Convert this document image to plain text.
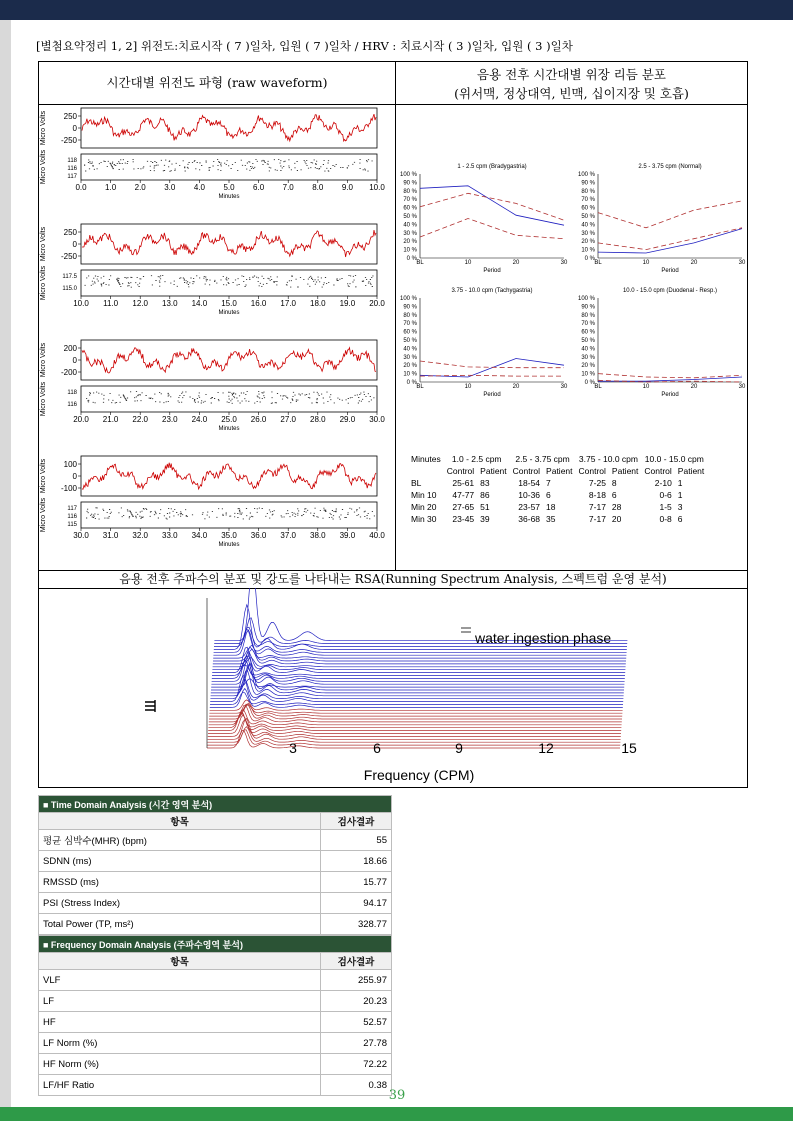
[별첨요약정리 1, 2] 위전도:치료시작 ( 7 )일차, 입원 ( 7 )일차 / HRV : 치료시작 ( 3 )일차, 입원 ( 3 )일차
시간대별 위전도 파형 (raw waveform)
음용 전후 시간대별 위장 리듬 분포
(위서맥, 정상대역, 빈맥, 십이지장 및 호흡)
음용 전후 주파수의 분포 및 강도를 나타내는 RSA(Running Spectrum Analysis, 스펙트럼 운영 분석)
Micro Volts 250
0
-250
Micro Volts	118
116
117
0.0 1.0 2.0 3.0 4.0 5.0 6.0 7.0 8.0 9.0 10.0
Minutes
Micro Volts 250
0
-250
Micro Volts	117.5
115.0
10.0 11.0 12.0 13.0 14.0 15.0 16.0 17.0 18.0 19.0 20.0
Minutes
Micro Volts 200
0
-200
Micro Volts	118
116
20.0 21.0 22.0 23.0 24.0 25.0 26.0 27.0 28.0 29.0 30.0
Minutes
Micro Volts 100
0
-100
Micro Volts	117
116
115
30.0 31.0 32.0 33.0 34.0 35.0 36.0 37.0 38.0 39.0 40.0
Minutes
1 - 2.5 cpm (Bradygastria)
100 %
90 %
80 %
70 %
60 %
50 %
40 %
30 %
20 %
10 %
0 %
BL	10	20	30
Period
2.5 - 3.75 cpm (Normal)
100 %
90 %
80 %
70 %
60 %
50 %
40 %
30 %
20 %
10 %
0 %
BL	10	20	30
Period
3.75 - 10.0 cpm (Tachygastria)
100 %
90 %
80 %
70 %
60 %
50 %
40 %
30 %
20 %
10 %
0 %
BL	10	20	30
Period
10.0 - 15.0 cpm (Duodenal - Resp.)
100 %
90 %
80 %
70 %
60 %
50 %
40 %
30 %
20 %
10 %
0 %
BL	10	20	30
Period
Minutes	1.0 - 2.5 cpm		2.5 - 3.75 cpm		3.75 - 10.0 cpm		10.0 - 15.0 cpm	
	Control	Patient	Control	Patient	Control	Patient	Control	Patient
BL	25-61	83	18-54	7	7-25	8	2-10	1
Min 10	47-77	86	10-36	6	8-18	6	0-6	1
Min 20	27-65	51	23-57	18	7-17	28	1-5	3
Min 30	23-45	39	36-68	35	7-17	20	0-8	6
water ingestion phase
3	6	9	12	15
Frequency (CPM)
■ Time Domain Analysis (시간 영역 분석)	
항목	검사결과
평균 심박수(MHR) (bpm)	55
SDNN (ms)	18.66
RMSSD (ms)	15.77
PSI (Stress Index)	94.17
Total Power (TP, ms²)	328.77
■ Frequency Domain Analysis (주파수영역 분석)	
항목	검사결과
VLF	255.97
LF	20.23
HF	52.57
LF Norm (%)	27.78
HF Norm (%)	72.22
LF/HF Ratio	0.38
39
